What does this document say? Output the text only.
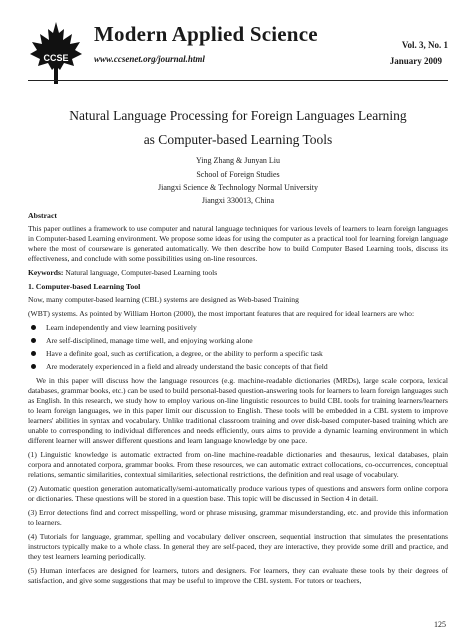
CCSE
Modern Applied Science
www.ccsenet.org/journal.html
Vol. 3, No. 1
January 2009
Natural Language Processing for Foreign Languages Learning
as Computer-based Learning Tools
Ying Zhang & Junyan Liu
School of Foreign Studies
Jiangxi Science & Technology Normal University
Jiangxi 330013, China
Abstract

This paper outlines a framework to use computer and natural language techniques for various levels of learners to learn foreign languages in Computer-based Learning environment. We propose some ideas for using the computer as a practical tool for learning foreign language where the most of courseware is generated automatically. We then describe how to build Computer Based Learning tools, discuss its effectiveness, and conclude with some possibilities using on-line resources.

Keywords: Natural language, Computer-based Learning tools

1. Computer-based Learning Tool

Now, many computer-based learning (CBL) systems are designed as Web-based Training

(WBT) systems. As pointed by William Horton (2000), the most important features that are required for ideal learners are who:

Learn independently and view learning positively
Are self-disciplined, manage time well, and enjoying working alone
Have a definite goal, such as certification, a degree, or the ability to perform a specific task
Are moderately experienced in a field and already understand the basic concepts of that field

We in this paper will discuss how the language resources (e.g. machine-readable dictionaries (MRDs), large scale corpora, lexical databases, grammar books, etc.) can be used to build personal-based question-answering tools for learners to learn foreign languages such as English. In this research, we study how to employ various on-line linguistic resources to build CBL tools for training learners/learners to learn foreign languages, we in this paper limit our discussion to English. These tools will be embedded in a CBL system to improve learners' abilities in syntax and vocabulary. Unlike traditional classroom training and over disk-based computer-based training which are unable to corresponding to individual differences and needs efficiently, ours aims to provide a dynamic learning environment in which different learner will answer different questions and learn language knowledge by one pace.

(1) Linguistic knowledge is automatic extracted from on-line machine-readable dictionaries and thesaurus, lexical databases, plain corpora and annotated corpora, grammar books. From these resources, we can automatic extract collocations, co-occurrences, conceptual relations, semantic similarities, contextual similarities, selectional restrictions, the definition and real usage of vocabulary.

(2) Automatic question generation automatically/semi-automatically produce various types of questions and answers form online corpora or dictionaries. These questions will be stored in a question base. This topic will be discussed in Section 4 in detail.

(3) Error detections find and correct misspelling, word or phrase misusing, grammar misunderstanding, etc. and provide this information to learners.

(4) Tutorials for language, grammar, spelling and vocabulary deliver onscreen, sequential instruction that simulates the presentations instructors typically make to a whole class. In general they are self-paced, they are interactive, they provide some drill and practice, and they test learners learning periodically.

(5) Human interfaces are designed for learners, tutors and designers. For learners, they can evaluate these tools by their degrees of satisfaction, and give some suggestions that may be useful to improve the CBL system. For tutors or teachers,

125
